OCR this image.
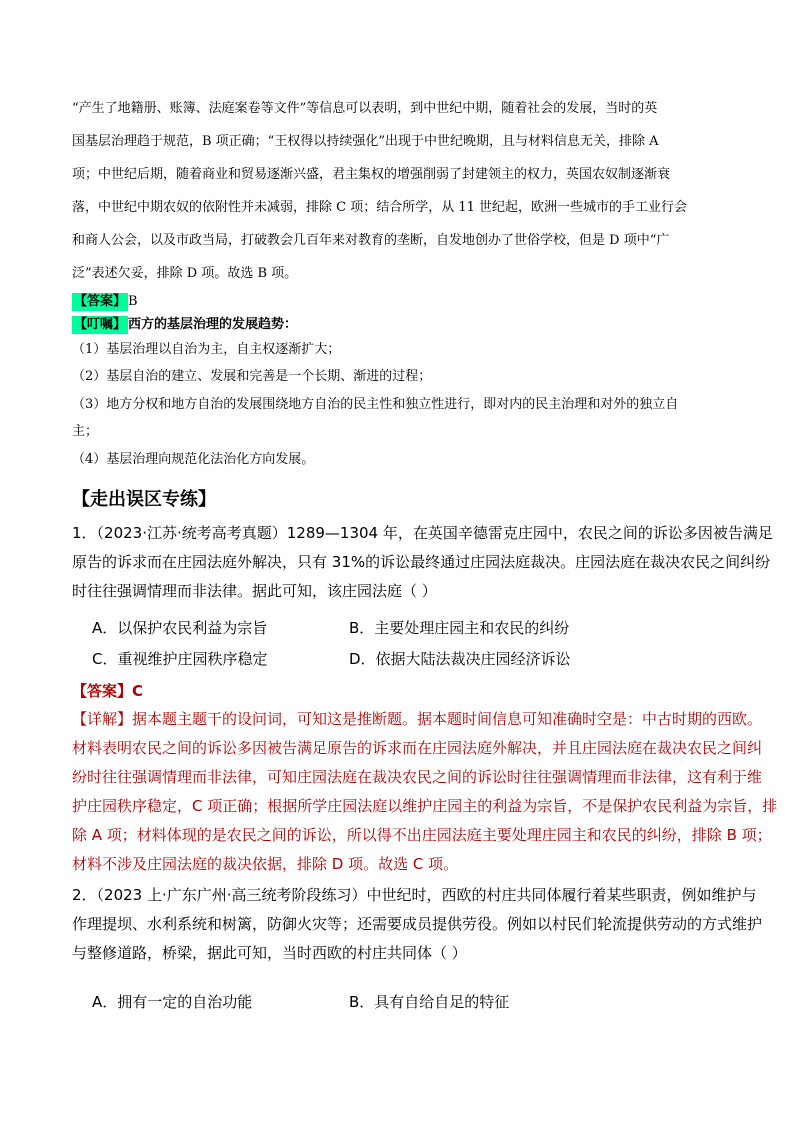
“产生了地籍册、账簿、法庭案卷等文件”等信息可以表明，到中世纪中期，随着社会的发展，当时的英
国基层治理趋于规范，B 项正确；“王权得以持续强化”出现于中世纪晚期，且与材料信息无关，排除 A
项；中世纪后期，随着商业和贸易逐渐兴盛，君主集权的增强削弱了封建领主的权力，英国农奴制逐渐衰
落，中世纪中期农奴的依附性并未减弱，排除 C 项；结合所学，从 11 世纪起，欧洲一些城市的手工业行会
和商人公会，以及市政当局，打破教会几百年来对教育的垄断，自发地创办了世俗学校，但是 D 项中“广
泛”表述欠妥，排除 D 项。故选 B 项。
【答案】 B
【叮嘱】 西方的基层治理的发展趋势：
（1）基层治理以自治为主，自主权逐渐扩大；
（2）基层自治的建立、发展和完善是一个长期、渐进的过程；
（3）地方分权和地方自治的发展围绕地方自治的民主性和独立性进行，即对内的民主治理和对外的独立自
主；
（4）基层治理向规范化法治化方向发展。
【走出误区专练】
1．（2023·江苏·统考高考真题）1289—1304 年，在英国辛德雷克庄园中，农民之间的诉讼多因被告满足
原告的诉求而在庄园法庭外解决，只有 31%的诉讼最终通过庄园法庭裁决。庄园法庭在裁决农民之间纠纷
时往往强调情理而非法律。据此可知，该庄园法庭（ ）
A．以保护农民利益为宗旨	B．主要处理庄园主和农民的纠纷
C．重视维护庄园秩序稳定	D．依据大陆法裁决庄园经济诉讼
【答案】C
【详解】据本题主题干的设问词，可知这是推断题。据本题时间信息可知准确时空是：中古时期的西欧。
材料表明农民之间的诉讼多因被告满足原告的诉求而在庄园法庭外解决，并且庄园法庭在裁决农民之间纠
纷时往往强调情理而非法律，可知庄园法庭在裁决农民之间的诉讼时往往强调情理而非法律，这有利于维
护庄园秩序稳定，C 项正确；根据所学庄园法庭以维护庄园主的利益为宗旨，不是保护农民利益为宗旨，排
除 A 项；材料体现的是农民之间的诉讼，所以得不出庄园法庭主要处理庄园主和农民的纠纷，排除 B 项；
材料不涉及庄园法庭的裁决依据，排除 D 项。故选 C 项。
2．（2023 上·广东广州·高三统考阶段练习）中世纪时，西欧的村庄共同体履行着某些职责，例如维护与
作理提坝、水利系统和树篱，防御火灾等；还需要成员提供劳役。例如以村民们轮流提供劳动的方式维护
与整修道路，桥梁，据此可知，当时西欧的村庄共同体（ ）
A．拥有一定的自治功能	B．具有自给自足的特征
